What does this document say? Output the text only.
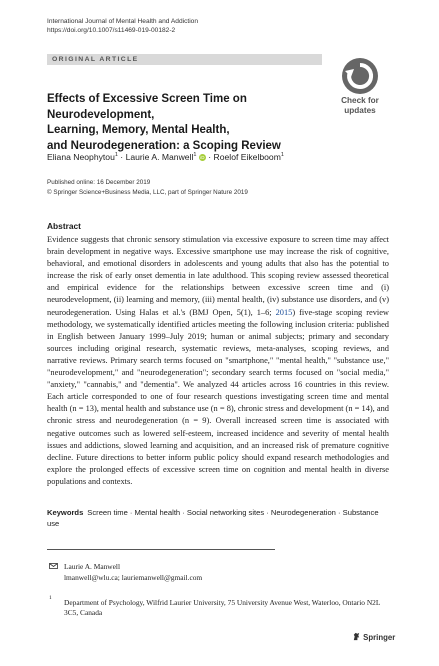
International Journal of Mental Health and Addiction
https://doi.org/10.1007/s11469-019-00182-2
ORIGINAL ARTICLE
Check for
updates
Effects of Excessive Screen Time on Neurodevelopment,
Learning, Memory, Mental Health,
and Neurodegeneration: a Scoping Review
Eliana Neophytou$^1$ · Laurie A. Manwell$^1$ iD · Roelof Eikelboom$^1$
Published online: 16 December 2019
© Springer Science+Business Media, LLC, part of Springer Nature 2019
Abstract
Evidence suggests that chronic sensory stimulation via excessive exposure to screen time may affect brain development in negative ways. Excessive smartphone use may increase the risk of cognitive, behavioral, and emotional disorders in adolescents and young adults that also has the potential to increase the risk of early onset dementia in late adulthood. This scoping review assessed theoretical and empirical evidence for the relationships between excessive screen time and (i) neurodevelopment, (ii) learning and memory, (iii) mental health, (iv) substance use disorders, and (v) neurodegeneration. Using Halas et al.'s (BMJ Open, 5(1), 1–6; 2015) five-stage scoping review methodology, we systematically identified articles meeting the following inclusion criteria: published in English between January 1999–July 2019; human or animal subjects; primary and secondary sources including original research, systematic reviews, meta-analyses, scoping reviews, and narrative reviews. Primary search terms focused on "smartphone," "mental health," "substance use," "neurodevelopment," and "neurodegeneration"; secondary search terms focused on "social media," "anxiety," "cannabis," and "dementia". We analyzed 44 articles across 16 countries in this review. Each article corresponded to one of four research questions investigating screen time and mental health (n = 13), mental health and substance use (n = 8), chronic stress and development (n = 14), and chronic stress and neurodegeneration (n = 9). Overall increased screen time is associated with negative outcomes such as lowered self-esteem, increased incidence and severity of mental health issues and addictions, slowed learning and acquisition, and an increased risk of premature cognitive decline. Future directions to better inform public policy should expand research methodologies and explore the prolonged effects of excessive screen time on cognition and mental health in diverse populations and contexts.
Keywords Screen time · Mental health · Social networking sites · Neurodegeneration · Substance use
Laurie A. Manwell
lmanwell@wlu.ca; lauriemanwell@gmail.com
1 Department of Psychology, Wilfrid Laurier University, 75 University Avenue West, Waterloo, Ontario N2L 3C5, Canada
Springer
